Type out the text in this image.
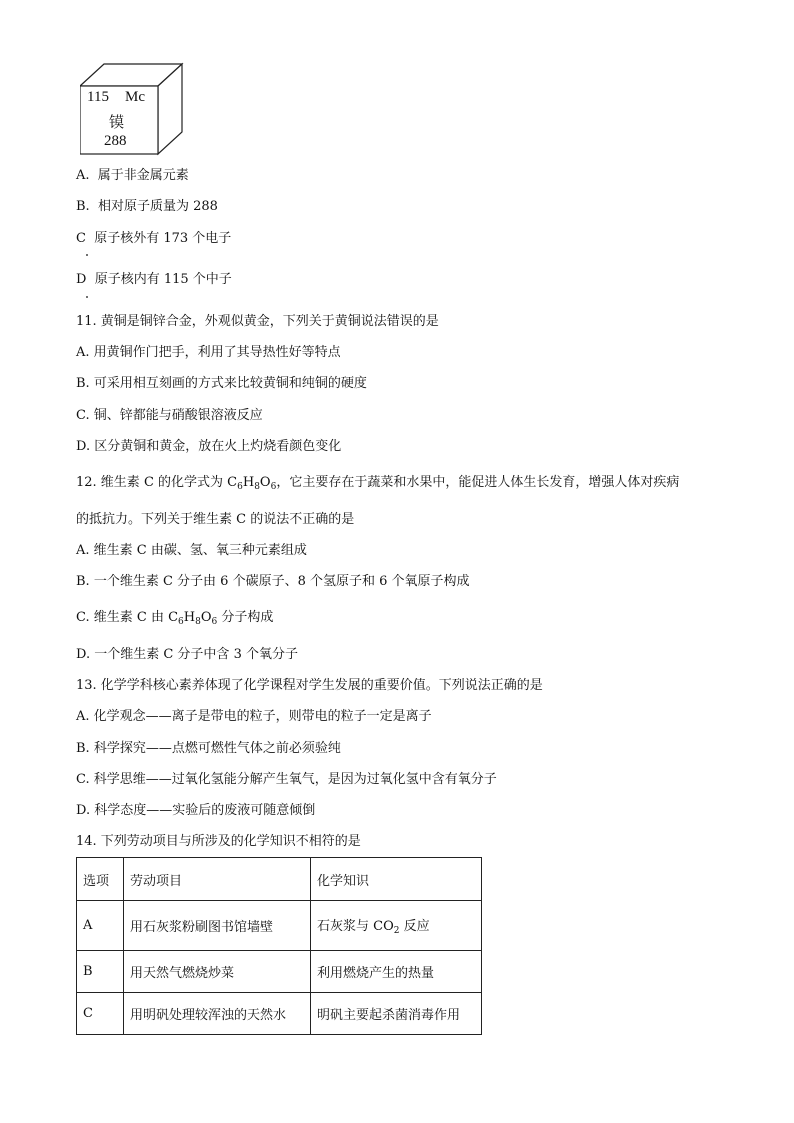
115 Mc
镆
288
A. 属于非金属元素
B. 相对原子质量为 288
C 原子核外有 173 个电子
D 原子核内有 115 个中子
11. 黄铜是铜锌合金，外观似黄金，下列关于黄铜说法错误的是
A. 用黄铜作门把手，利用了其导热性好等特点
B. 可采用相互刻画的方式来比较黄铜和纯铜的硬度
C. 铜、锌都能与硝酸银溶液反应
D. 区分黄铜和黄金，放在火上灼烧看颜色变化
12. 维生素 C 的化学式为 $C_6H_8O_6$，它主要存在于蔬菜和水果中，能促进人体生长发育，增强人体对疾病
的抵抗力。下列关于维生素 C 的说法不正确的是
A. 维生素 C 由碳、氢、氧三种元素组成
B. 一个维生素 C 分子由 6 个碳原子、8 个氢原子和 6 个氧原子构成
C. 维生素 C 由 $C_6H_8O_6$ 分子构成
D. 一个维生素 C 分子中含 3 个氧分子
13. 化学学科核心素养体现了化学课程对学生发展的重要价值。下列说法正确的是
A. 化学观念——离子是带电的粒子，则带电的粒子一定是离子
B. 科学探究——点燃可燃性气体之前必须验纯
C. 科学思维——过氧化氢能分解产生氧气，是因为过氧化氢中含有氧分子
D. 科学态度——实验后的废液可随意倾倒
14. 下列劳动项目与所涉及的化学知识不相符的是
选项	劳动项目	化学知识
A	用石灰浆粉刷图书馆墙壁	石灰浆与 $CO_2$ 反应
B	用天然气燃烧炒菜	利用燃烧产生的热量
C	用明矾处理较浑浊的天然水	明矾主要起杀菌消毒作用
